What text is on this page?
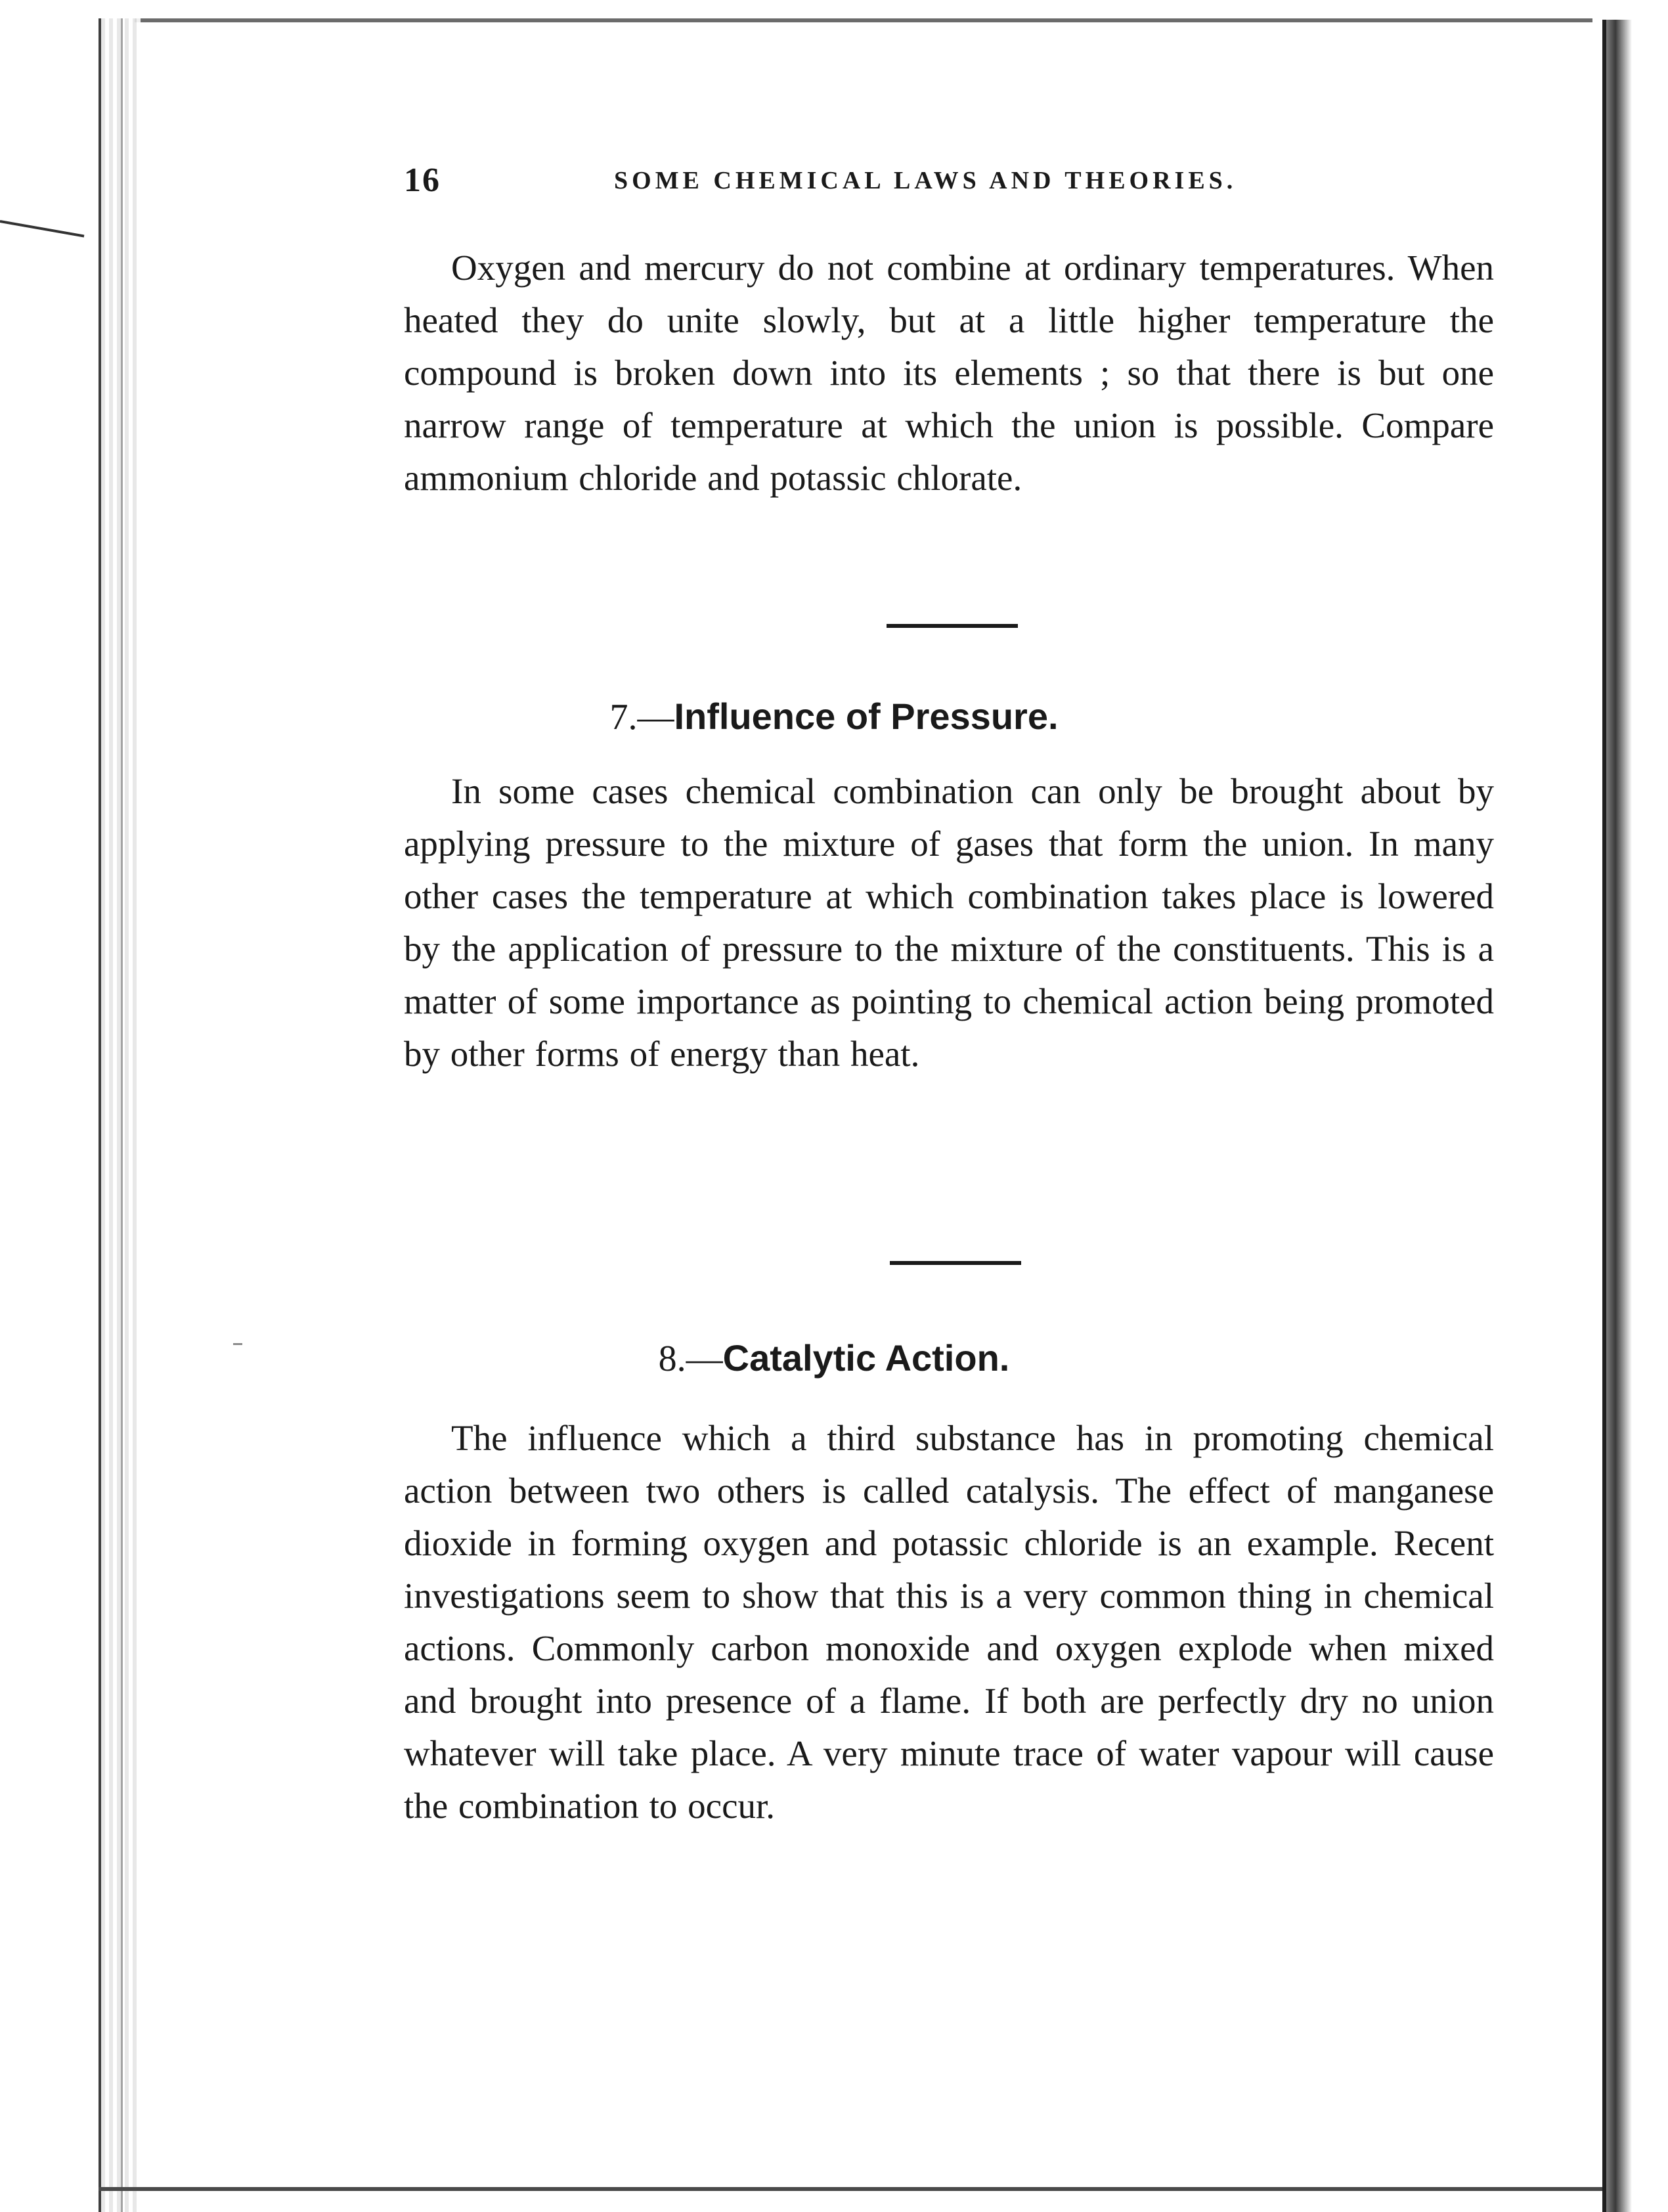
16	SOME CHEMICAL LAWS AND THEORIES.

Oxygen and mercury do not combine at ordinary temperatures. When heated they do unite slowly, but at a little higher temperature the compound is broken down into its elements ; so that there is but one narrow range of temperature at which the union is possible. Compare ammonium chloride and potassic chlorate.

7.—Influence of Pressure.

In some cases chemical combination can only be brought about by applying pressure to the mixture of gases that form the union. In many other cases the temperature at which combination takes place is lowered by the application of pressure to the mixture of the constituents. This is a matter of some importance as pointing to chemical action being promoted by other forms of energy than heat.

8.—Catalytic Action.

The influence which a third substance has in promoting chemical action between two others is called catalysis. The effect of manganese dioxide in forming oxygen and potassic chloride is an example. Recent investigations seem to show that this is a very common thing in chemical actions. Commonly carbon monoxide and oxygen explode when mixed and brought into presence of a flame. If both are perfectly dry no union whatever will take place. A very minute trace of water vapour will cause the combination to occur.
